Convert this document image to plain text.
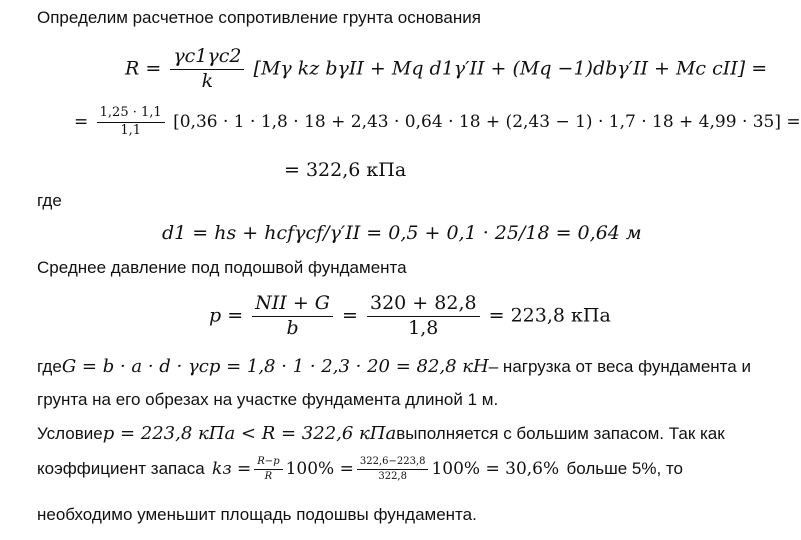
Определим расчетное сопротивление грунта основания
$R = \frac{\gamma c1\gamma c2}{k} [M\gamma$ kz bγII + Mq d1γ′II + (Mq −1)dbγ′II + Mc cII] =
= $\frac{1,25 \cdot 1,1}{1,1} [0,36 \cdot 1 \cdot 1,8 \cdot 18 + 2,43 \cdot 0,64 \cdot 18 + (2,43 - 1) \cdot 1,7 \cdot 18 + 4,99 \cdot 35]$ =
= 322,6 кПа
где
d1 = hs + hcfγcf/γ′II = 0,5 + 0,1 · 25/18 = 0,64 м
Среднее давление под подошвой фундамента
$p = \frac{\text{NII + G}}{b} = \frac{320 + 82,8}{1,8} = 223,8$ кПа
где G = b · a · d · γср = 1,8 · 1 · 2,3 · 20 = 82,8 кН – нагрузка от веса фундамента и
грунта на его обрезах на участке фундамента длиной 1 м.
Условие p = 223,8 кПа < R = 322,6 кПа выполняется с большим запасом. Так как
коэффициент запаса kз = $\frac{R-p}{R} 100\% = \frac{322,6-223,8}{322,8} 100\% = 30,6\%$ больше 5%, то
необходимо уменьшит площадь подошвы фундамента.
